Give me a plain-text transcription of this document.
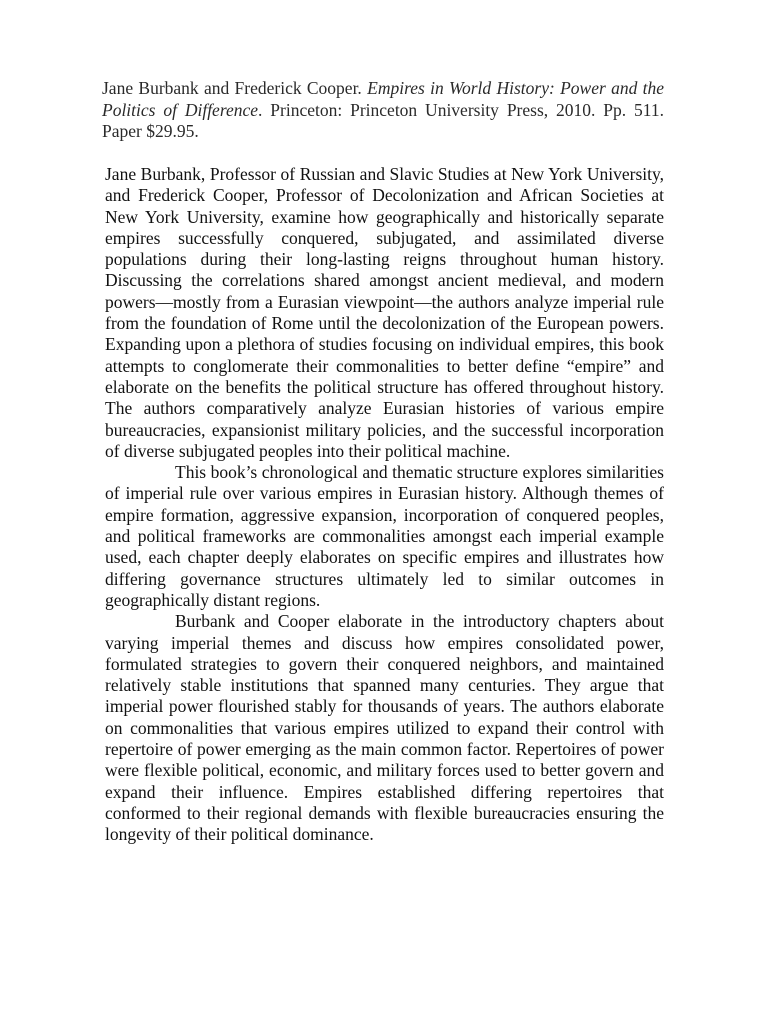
Jane Burbank and Frederick Cooper. Empires in World History: Power and the Politics of Difference. Princeton: Princeton University Press, 2010. Pp. 511. Paper $29.95.

Jane Burbank, Professor of Russian and Slavic Studies at New York University, and Frederick Cooper, Professor of Decolonization and African Societies at New York University, examine how geographically and historically separate empires successfully conquered, subjugated, and assimilated diverse populations during their long-lasting reigns throughout human history. Discussing the correlations shared amongst ancient medieval, and modern powers—mostly from a Eurasian viewpoint—the authors analyze imperial rule from the foundation of Rome until the decolonization of the European powers. Expanding upon a plethora of studies focusing on individual empires, this book attempts to conglomerate their commonalities to better define “empire” and elaborate on the benefits the political structure has offered throughout history. The authors comparatively analyze Eurasian histories of various empire bureaucracies, expansionist military policies, and the successful incorporation of diverse subjugated peoples into their political machine.

This book’s chronological and thematic structure explores similarities of imperial rule over various empires in Eurasian history. Although themes of empire formation, aggressive expansion, incorporation of conquered peoples, and political frameworks are commonalities amongst each imperial example used, each chapter deeply elaborates on specific empires and illustrates how differing governance structures ultimately led to similar outcomes in geographically distant regions.

Burbank and Cooper elaborate in the introductory chapters about varying imperial themes and discuss how empires consolidated power, formulated strategies to govern their conquered neighbors, and maintained relatively stable institutions that spanned many centuries. They argue that imperial power flourished stably for thousands of years. The authors elaborate on commonalities that various empires utilized to expand their control with repertoire of power emerging as the main common factor. Repertoires of power were flexible political, economic, and military forces used to better govern and expand their influence. Empires established differing repertoires that conformed to their regional demands with flexible bureaucracies ensuring the longevity of their political dominance.
